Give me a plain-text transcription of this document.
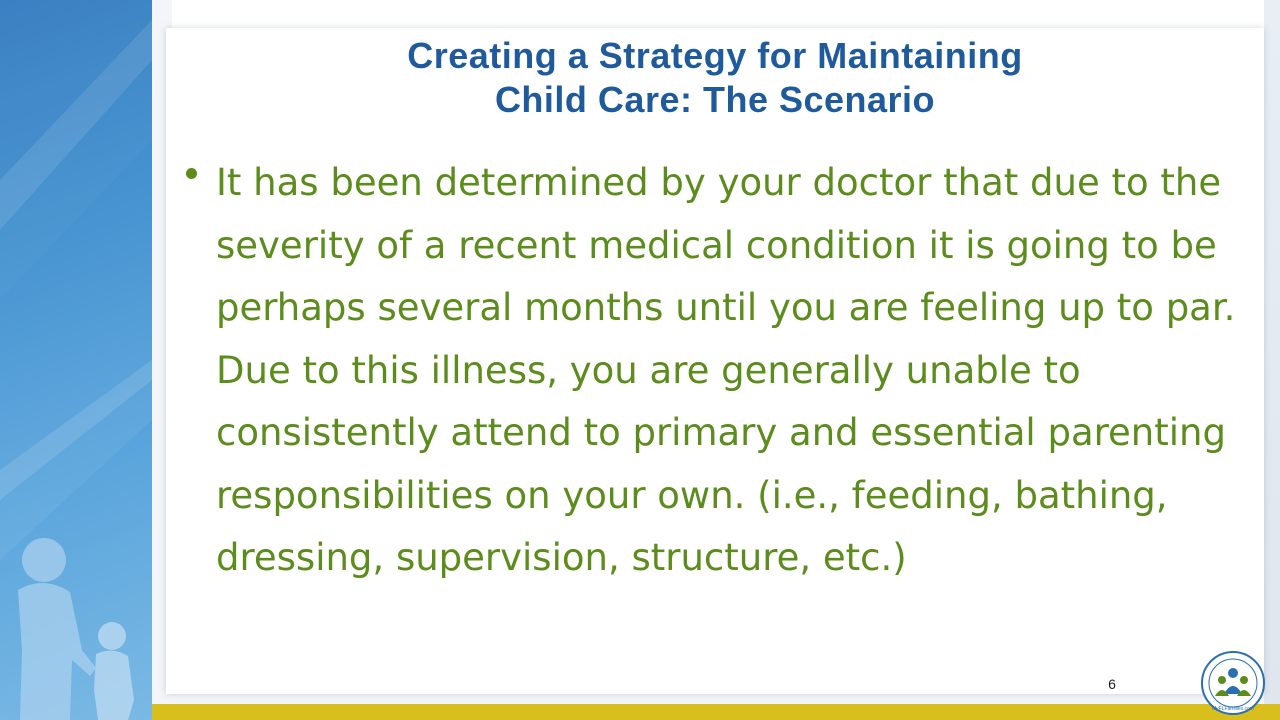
Creating a Strategy for Maintaining
Child Care: The Scenario

It has been determined by your doctor that due to the severity of a recent medical condition it is going to be perhaps several months until you are feeling up to par. Due to this illness, you are generally unable to consistently attend to primary and essential parenting responsibilities on your own. (i.e., feeding, bathing, dressing, supervision, structure, etc.)

6
MyFLFamilies.com
